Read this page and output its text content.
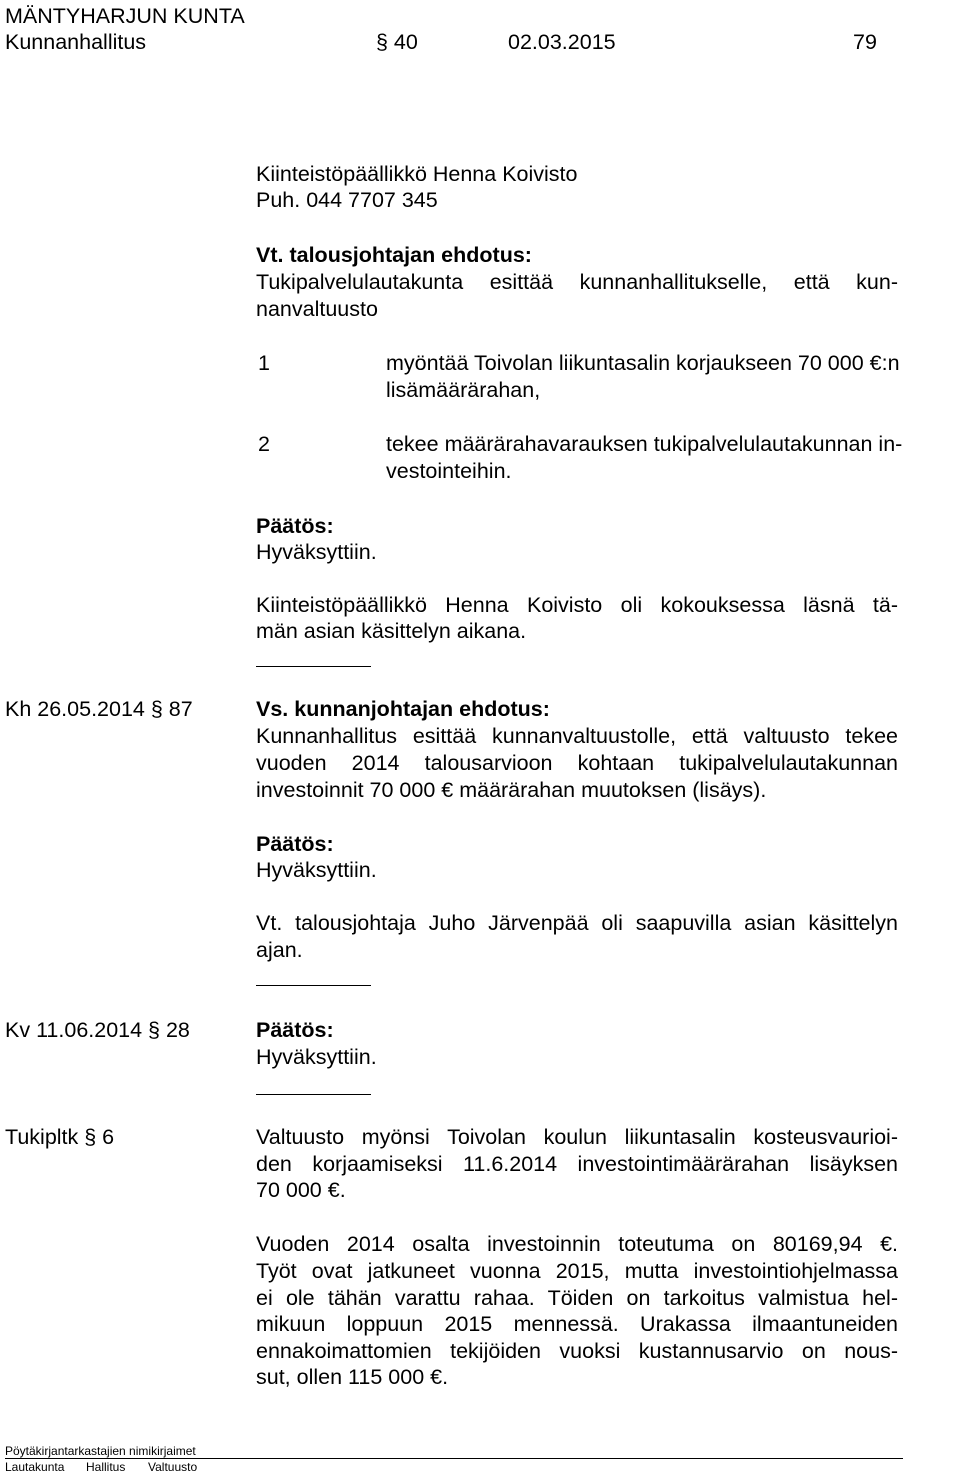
MÄNTYHARJUN KUNTA
Kunnanhallitus	§ 40	02.03.2015	79
Kiinteistöpäällikkö Henna Koivisto
Puh. 044 7707 345
Vt. talousjohtajan ehdotus:
Tukipalvelulautakunta esittää kunnanhallitukselle, että kun-
nanvaltuusto
1	myöntää Toivolan liikuntasalin korjaukseen 70 000 €:n
lisämäärärahan,
2	tekee määrärahavarauksen tukipalvelulautakunnan in-
vestointeihin.
Päätös:
Hyväksyttiin.
Kiinteistöpäällikkö Henna Koivisto oli kokouksessa läsnä tä-
män asian käsittelyn aikana.
Kh 26.05.2014 § 87	Vs. kunnanjohtajan ehdotus:
Kunnanhallitus esittää kunnanvaltuustolle, että valtuusto tekee
vuoden 2014 talousarvioon kohtaan tukipalvelulautakunnan
investoinnit 70 000 € määrärahan muutoksen (lisäys).
Päätös:
Hyväksyttiin.
Vt. talousjohtaja Juho Järvenpää oli saapuvilla asian käsittelyn
ajan.
Kv 11.06.2014 § 28	Päätös:
Hyväksyttiin.
Tukipltk § 6	Valtuusto myönsi Toivolan koulun liikuntasalin kosteusvaurioi-
den korjaamiseksi 11.6.2014 investointimäärärahan lisäyksen
70 000 €.
Vuoden 2014 osalta investoinnin toteutuma on 80169,94 €.
Työt ovat jatkuneet vuonna 2015, mutta investointiohjelmassa
ei ole tähän varattu rahaa. Töiden on tarkoitus valmistua hel-
mikuun loppuun 2015 mennessä. Urakassa ilmaantuneiden
ennakoimattomien tekijöiden vuoksi kustannusarvio on nous-
sut, ollen 115 000 €.
Pöytäkirjantarkastajien nimikirjaimet
Lautakunta Hallitus Valtuusto
